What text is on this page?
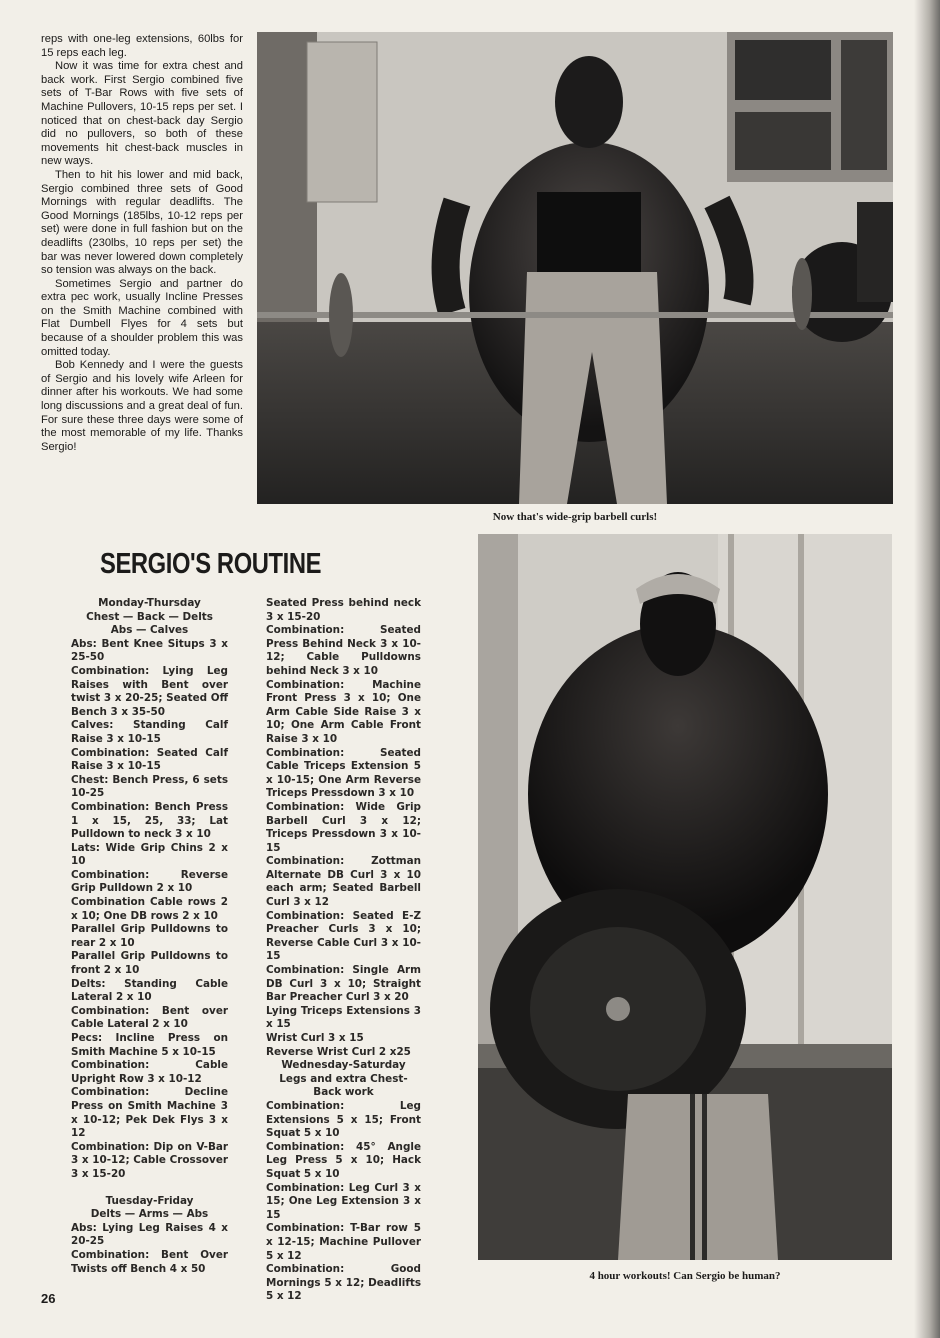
reps with one-leg extensions, 60lbs for 15 reps each leg.

Now it was time for extra chest and back work. First Sergio combined five sets of T-Bar Rows with five sets of Machine Pullovers, 10-15 reps per set. I noticed that on chest-back day Sergio did no pullovers, so both of these movements hit chest-back muscles in new ways.

Then to hit his lower and mid back, Sergio combined three sets of Good Mornings with regular deadlifts. The Good Mornings (185lbs, 10-12 reps per set) were done in full fashion but on the deadlifts (230lbs, 10 reps per set) the bar was never lowered down completely so tension was always on the back.

Sometimes Sergio and partner do extra pec work, usually Incline Presses on the Smith Machine combined with Flat Dumbell Flyes for 4 sets but because of a shoulder problem this was omitted today.

Bob Kennedy and I were the guests of Sergio and his lovely wife Arleen for dinner after his workouts. We had some long discussions and a great deal of fun. For sure these three days were some of the most memorable of my life. Thanks Sergio!

Now that's wide-grip barbell curls!
SERGIO'S ROUTINE
Monday-Thursday
Chest — Back — Delts
Abs — Calves
Abs: Bent Knee Situps 3 x 25-50
Combination: Lying Leg Raises with Bent over twist 3 x 20-25; Seated Off Bench 3 x 35-50
Calves: Standing Calf Raise 3 x 10-15
Combination: Seated Calf Raise 3 x 10-15
Chest: Bench Press, 6 sets 10-25
Combination: Bench Press 1 x 15, 25, 33; Lat Pulldown to neck 3 x 10
Lats: Wide Grip Chins 2 x 10
Combination: Reverse Grip Pulldown 2 x 10
Combination Cable rows 2 x 10; One DB rows 2 x 10
Parallel Grip Pulldowns to rear 2 x 10
Parallel Grip Pulldowns to front 2 x 10
Delts: Standing Cable Lateral 2 x 10
Combination: Bent over Cable Lateral 2 x 10
Pecs: Incline Press on Smith Machine 5 x 10-15
Combination: Cable Upright Row 3 x 10-12
Combination: Decline Press on Smith Machine 3 x 10-12; Pek Dek Flys 3 x 12
Combination: Dip on V-Bar 3 x 10-12; Cable Crossover 3 x 15-20
Tuesday-Friday
Delts — Arms — Abs
Abs: Lying Leg Raises 4 x 20-25
Combination: Bent Over Twists off Bench 4 x 50
Seated Press behind neck 3 x 15-20
Combination: Seated Press Behind Neck 3 x 10-12; Cable Pulldowns behind Neck 3 x 10
Combination: Machine Front Press 3 x 10; One Arm Cable Side Raise 3 x 10; One Arm Cable Front Raise 3 x 10
Combination: Seated Cable Triceps Extension 5 x 10-15; One Arm Reverse Triceps Pressdown 3 x 10
Combination: Wide Grip Barbell Curl 3 x 12; Triceps Pressdown 3 x 10-15
Combination: Zottman Alternate DB Curl 3 x 10 each arm; Seated Barbell Curl 3 x 12
Combination: Seated E-Z Preacher Curls 3 x 10; Reverse Cable Curl 3 x 10-15
Combination: Single Arm DB Curl 3 x 10; Straight Bar Preacher Curl 3 x 20
Lying Triceps Extensions 3 x 15
Wrist Curl 3 x 15
Reverse Wrist Curl 2 x25
Wednesday-Saturday
Legs and extra Chest-Back work
Combination: Leg Extensions 5 x 15; Front Squat 5 x 10
Combination: 45° Angle Leg Press 5 x 10; Hack Squat 5 x 10
Combination: Leg Curl 3 x 15; One Leg Extension 3 x 15
Combination: T-Bar row 5 x 12-15; Machine Pullover 5 x 12
Combination: Good Mornings 5 x 12; Deadlifts 5 x 12
4 hour workouts! Can Sergio be human?
26
